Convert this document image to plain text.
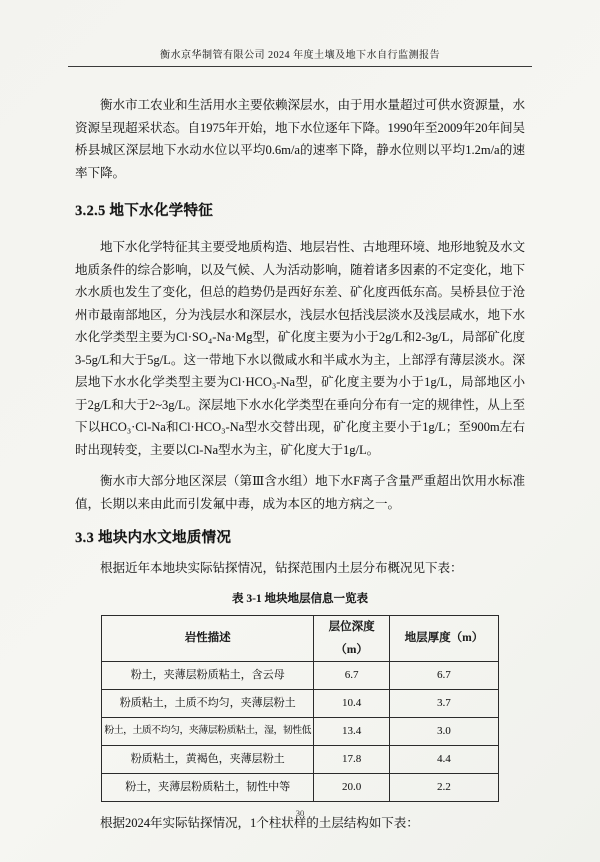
衡水京华制管有限公司 2024 年度土壤及地下水自行监测报告

衡水市工农业和生活用水主要依赖深层水，由于用水量超过可供水资源量，水资源呈现超采状态。自1975年开始，地下水位逐年下降。1990年至2009年20年间吴桥县城区深层地下水动水位以平均0.6m/a的速率下降，静水位则以平均1.2m/a的速率下降。

3.2.5 地下水化学特征

地下水化学特征其主要受地质构造、地层岩性、古地理环境、地形地貌及水文地质条件的综合影响，以及气候、人为活动影响，随着诸多因素的不定变化，地下水水质也发生了变化，但总的趋势仍是西好东差、矿化度西低东高。吴桥县位于沧州市最南部地区，分为浅层水和深层水，浅层水包括浅层淡水及浅层咸水，地下水水化学类型主要为Cl·SO₄-Na·Mg型，矿化度主要为小于2g/L和2-3g/L，局部矿化度3-5g/L和大于5g/L。这一带地下水以微咸水和半咸水为主，上部浮有薄层淡水。深层地下水水化学类型主要为Cl·HCO₃-Na型，矿化度主要为小于1g/L，局部地区小于2g/L和大于2~3g/L。深层地下水水化学类型在垂向分布有一定的规律性，从上至下以HCO₃·Cl-Na和Cl·HCO₃-Na型水交替出现，矿化度主要小于1g/L；至900m左右时出现转变，主要以Cl-Na型水为主，矿化度大于1g/L。

衡水市大部分地区深层（第Ⅲ含水组）地下水F离子含量严重超出饮用水标准值，长期以来由此而引发氟中毒，成为本区的地方病之一。

3.3 地块内水文地质情况

根据近年本地块实际钻探情况，钻探范围内土层分布概况见下表：

表 3-1 地块地层信息一览表
岩性描述	层位深度（m）	地层厚度（m）
粉土，夹薄层粉质粘土，含云母	6.7	6.7
粉质粘土，土质不均匀，夹薄层粉土	10.4	3.7
粉土，土质不均匀，夹薄层粉质粘土，湿，韧性低	13.4	3.0
粉质粘土，黄褐色，夹薄层粉土	17.8	4.4
粉土，夹薄层粉质粘土，韧性中等	20.0	2.2

根据2024年实际钻探情况，1个柱状样的土层结构如下表：

30
